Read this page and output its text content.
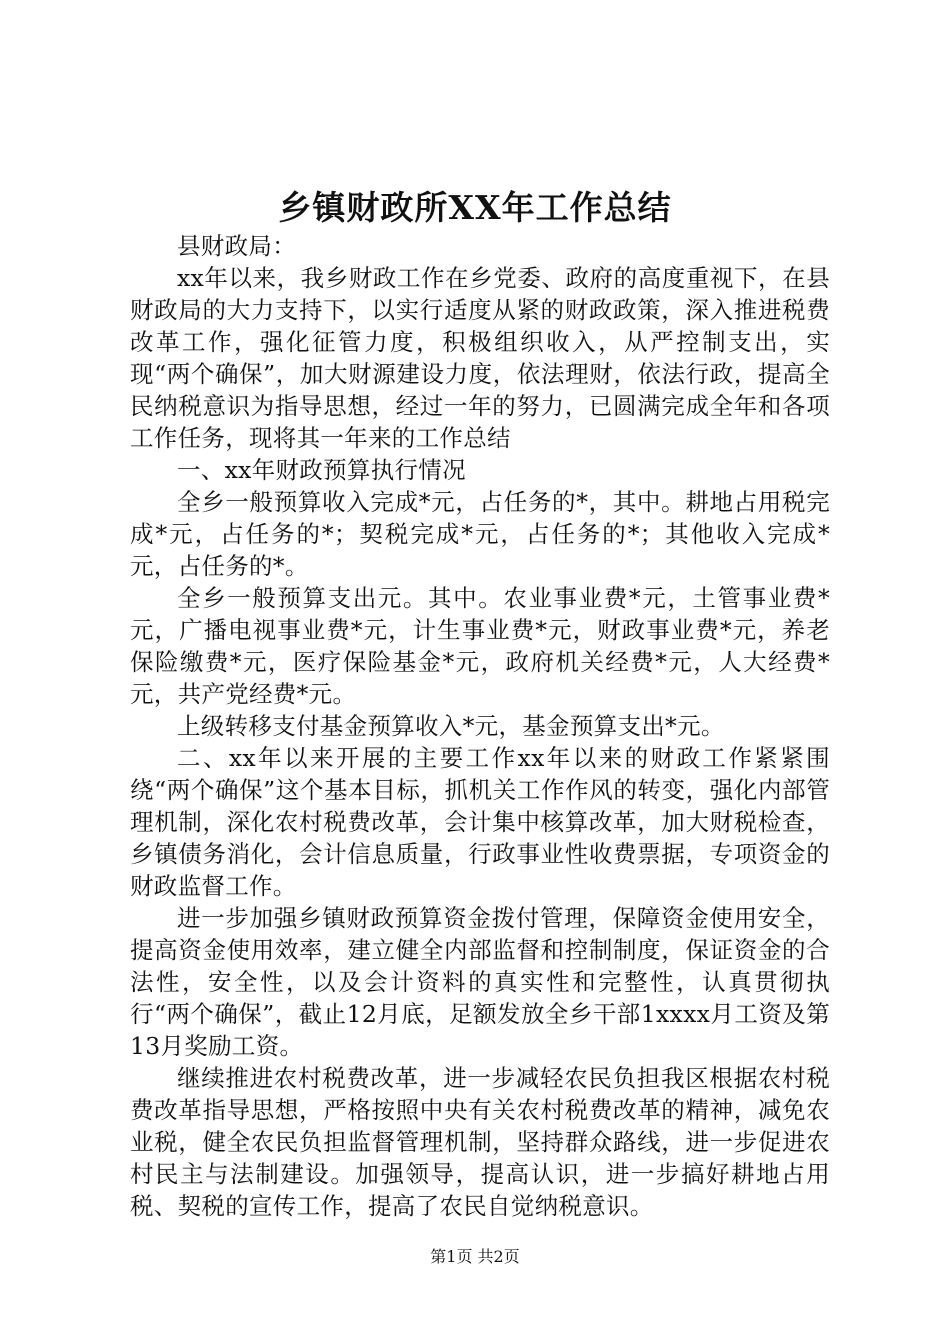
乡镇财政所XX年工作总结

县财政局：

xx年以来，我乡财政工作在乡党委、政府的高度重视下，在县财政局的大力支持下，以实行适度从紧的财政政策，深入推进税费改革工作，强化征管力度，积极组织收入，从严控制支出，实现“两个确保”，加大财源建设力度，依法理财，依法行政，提高全民纳税意识为指导思想，经过一年的努力，已圆满完成全年和各项工作任务，现将其一年来的工作总结

一、xx年财政预算执行情况

全乡一般预算收入完成*元，占任务的*，其中。耕地占用税完成*元，占任务的*；契税完成*元，占任务的*；其他收入完成*元，占任务的*。

全乡一般预算支出元。其中。农业事业费*元，土管事业费*元，广播电视事业费*元，计生事业费*元，财政事业费*元，养老保险缴费*元，医疗保险基金*元，政府机关经费*元，人大经费*元，共产党经费*元。

上级转移支付基金预算收入*元，基金预算支出*元。

二、xx年以来开展的主要工作xx年以来的财政工作紧紧围绕“两个确保”这个基本目标，抓机关工作作风的转变，强化内部管理机制，深化农村税费改革，会计集中核算改革，加大财税检查，乡镇债务消化，会计信息质量，行政事业性收费票据，专项资金的财政监督工作。

进一步加强乡镇财政预算资金拨付管理，保障资金使用安全，提高资金使用效率，建立健全内部监督和控制制度，保证资金的合法性，安全性，以及会计资料的真实性和完整性，认真贯彻执行“两个确保”，截止12月底，足额发放全乡干部1xxxx月工资及第13月奖励工资。

继续推进农村税费改革，进一步减轻农民负担我区根据农村税费改革指导思想，严格按照中央有关农村税费改革的精神，减免农业税，健全农民负担监督管理机制，坚持群众路线，进一步促进农村民主与法制建设。加强领导，提高认识，进一步搞好耕地占用税、契税的宣传工作，提高了农民自觉纳税意识。

第1页 共2页
